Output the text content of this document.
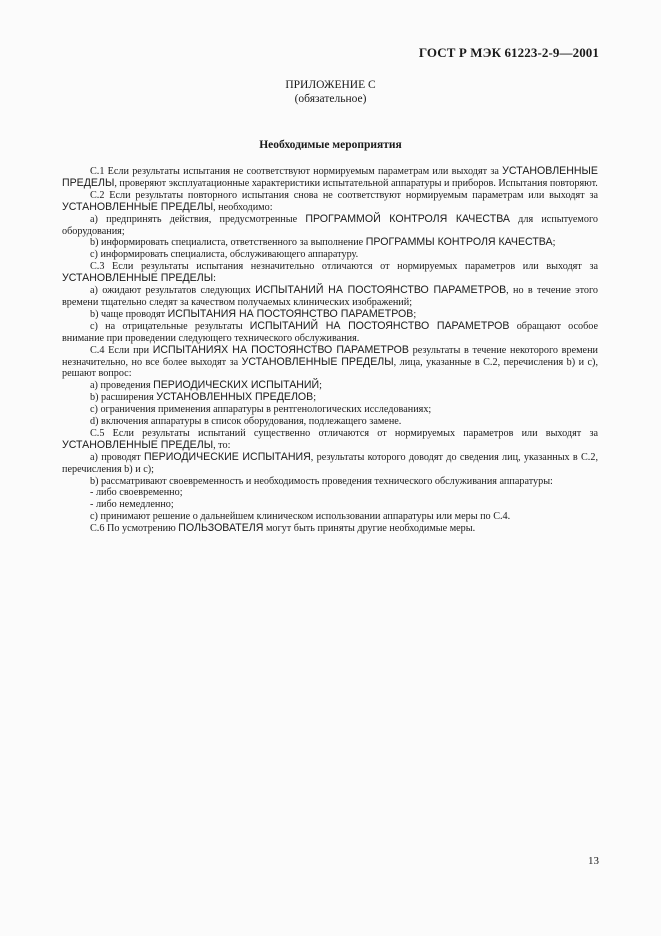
ГОСТ Р МЭК 61223-2-9—2001
ПРИЛОЖЕНИЕ С
(обязательное)
Необходимые мероприятия

С.1 Если результаты испытания не соответствуют нормируемым параметрам или выходят за УСТАНОВЛЕННЫЕ ПРЕДЕЛЫ, проверяют эксплуатационные характеристики испытательной аппаратуры и приборов. Испытания повторяют.

С.2 Если результаты повторного испытания снова не соответствуют нормируемым параметрам или выходят за УСТАНОВЛЕННЫЕ ПРЕДЕЛЫ, необходимо:

a) предпринять действия, предусмотренные ПРОГРАММОЙ КОНТРОЛЯ КАЧЕСТВА для испытуемого оборудования;

b) информировать специалиста, ответственного за выполнение ПРОГРАММЫ КОНТРОЛЯ КАЧЕСТВА;

c) информировать специалиста, обслуживающего аппаратуру.

С.3 Если результаты испытания незначительно отличаются от нормируемых параметров или выходят за УСТАНОВЛЕННЫЕ ПРЕДЕЛЫ:

a) ожидают результатов следующих ИСПЫТАНИЙ НА ПОСТОЯНСТВО ПАРАМЕТРОВ, но в течение этого времени тщательно следят за качеством получаемых клинических изображений;

b) чаще проводят ИСПЫТАНИЯ НА ПОСТОЯНСТВО ПАРАМЕТРОВ;

c) на отрицательные результаты ИСПЫТАНИЙ НА ПОСТОЯНСТВО ПАРАМЕТРОВ обращают особое внимание при проведении следующего технического обслуживания.

С.4 Если при ИСПЫТАНИЯХ НА ПОСТОЯНСТВО ПАРАМЕТРОВ результаты в течение некоторого времени незначительно, но все более выходят за УСТАНОВЛЕННЫЕ ПРЕДЕЛЫ, лица, указанные в С.2, перечисления b) и c), решают вопрос:

a) проведения ПЕРИОДИЧЕСКИХ ИСПЫТАНИЙ;

b) расширения УСТАНОВЛЕННЫХ ПРЕДЕЛОВ;

c) ограничения применения аппаратуры в рентгенологических исследованиях;

d) включения аппаратуры в список оборудования, подлежащего замене.

С.5 Если результаты испытаний существенно отличаются от нормируемых параметров или выходят за УСТАНОВЛЕННЫЕ ПРЕДЕЛЫ, то:

a) проводят ПЕРИОДИЧЕСКИЕ ИСПЫТАНИЯ, результаты которого доводят до сведения лиц, указанных в С.2, перечисления b) и c);

b) рассматривают своевременность и необходимость проведения технического обслуживания аппаратуры:

- либо своевременно;

- либо немедленно;

c) принимают решение о дальнейшем клиническом использовании аппаратуры или меры по С.4.

С.6 По усмотрению ПОЛЬЗОВАТЕЛЯ могут быть приняты другие необходимые меры.

13
